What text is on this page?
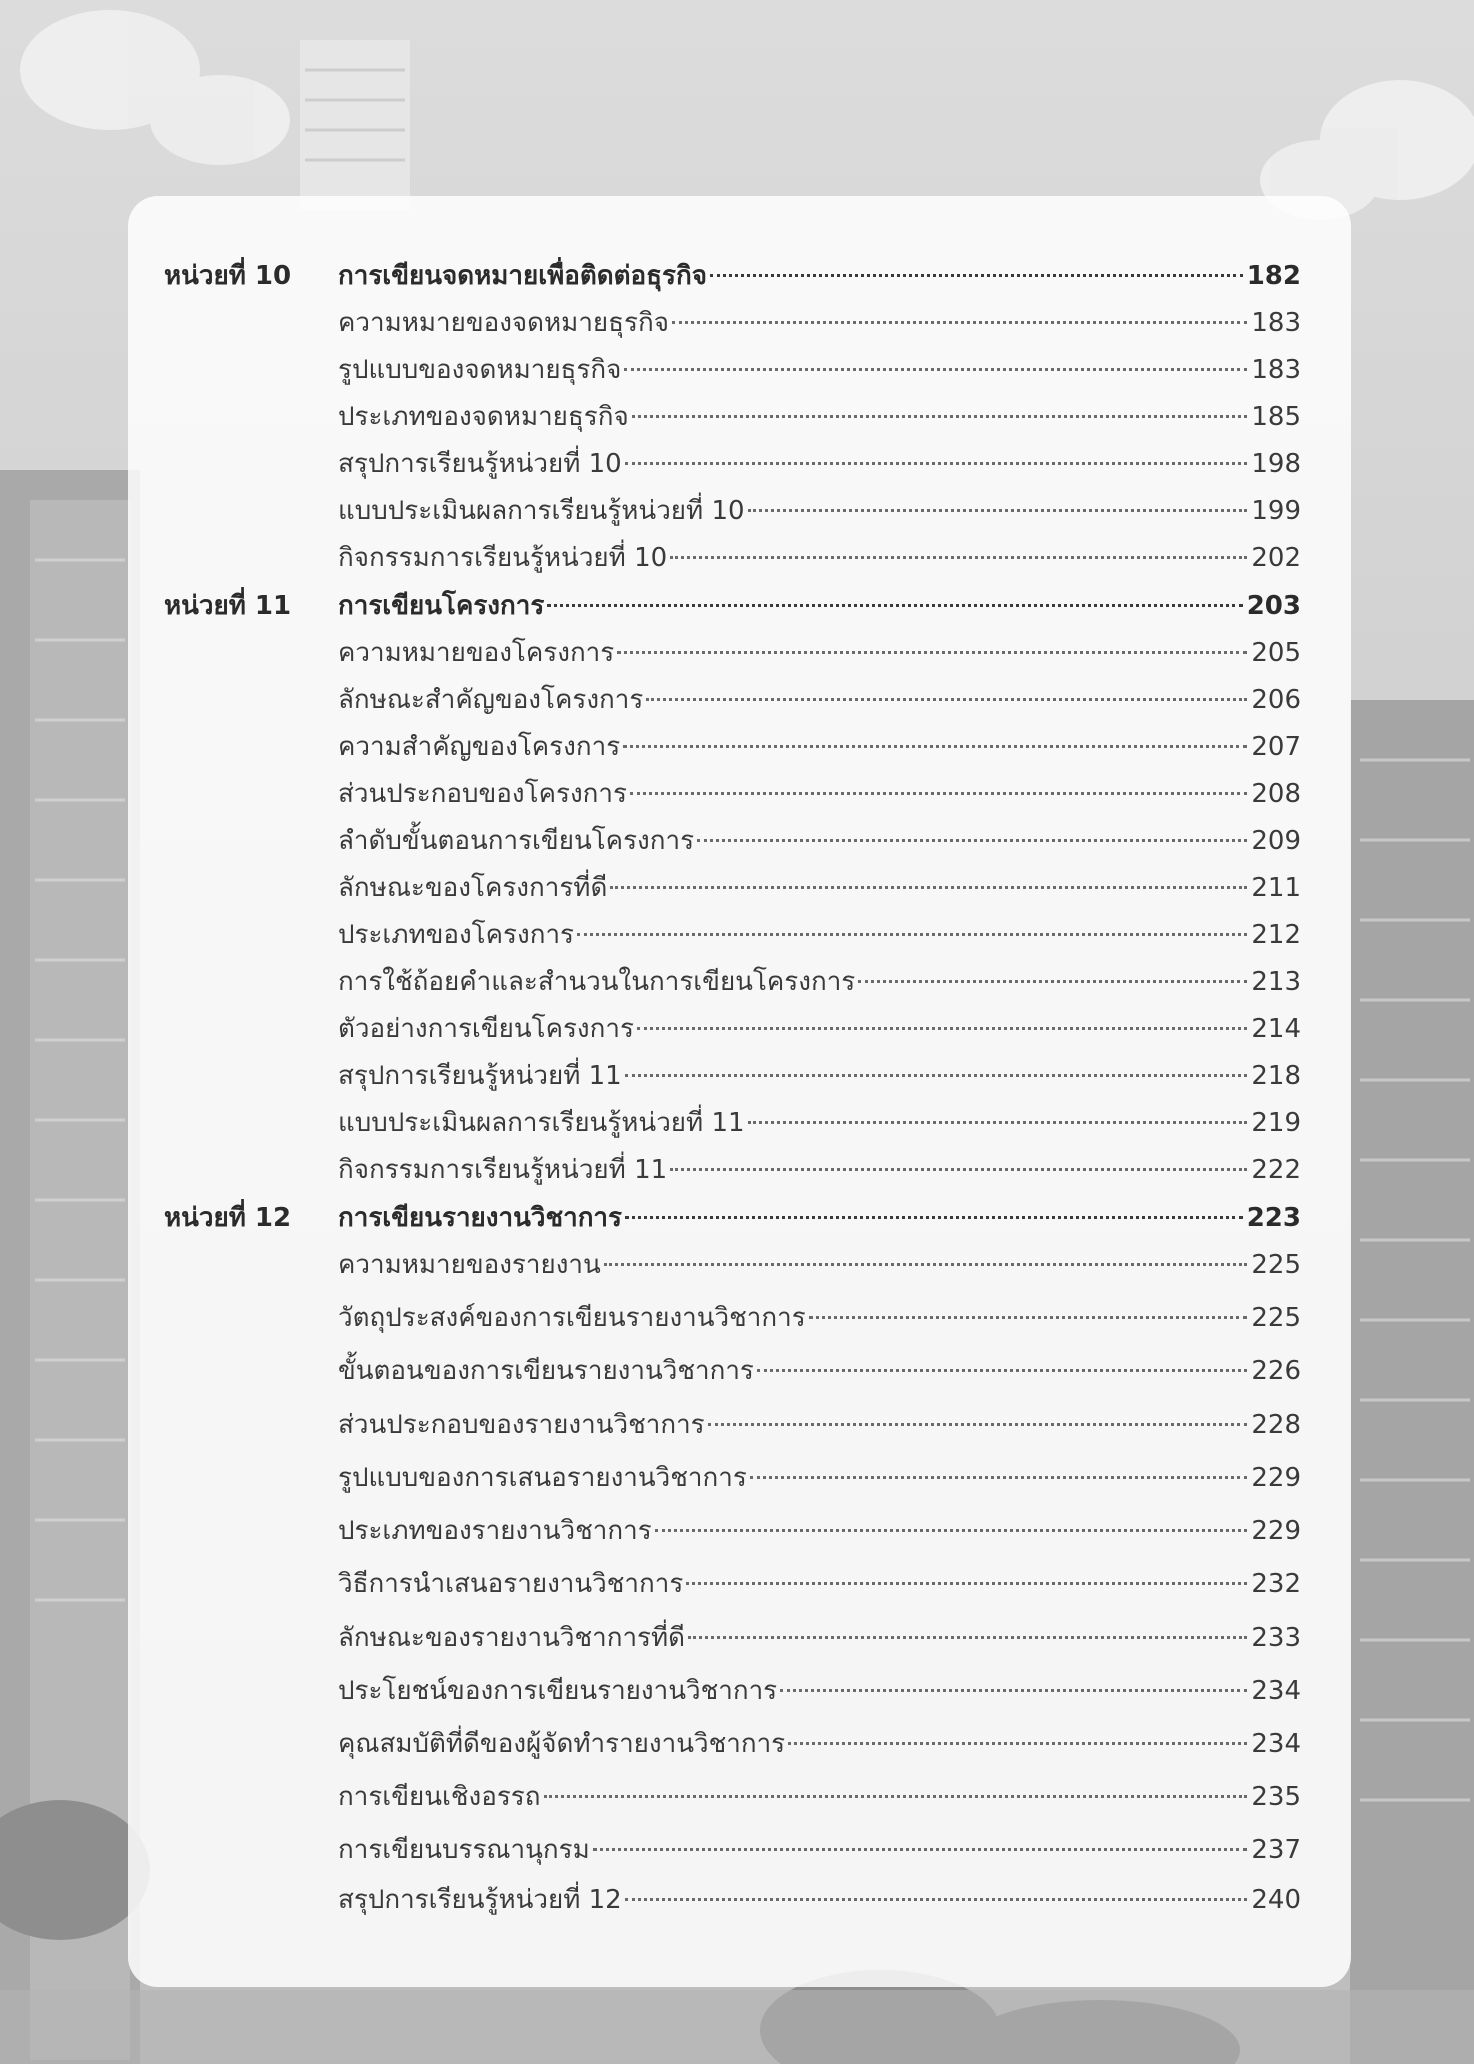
หน่วยที่ 10	การเขียนจดหมายเพื่อติดต่อธุรกิจ	182
ความหมายของจดหมายธุรกิจ	183
รูปแบบของจดหมายธุรกิจ	183
ประเภทของจดหมายธุรกิจ	185
สรุปการเรียนรู้หน่วยที่ 10	198
แบบประเมินผลการเรียนรู้หน่วยที่ 10	199
กิจกรรมการเรียนรู้หน่วยที่ 10	202
หน่วยที่ 11	การเขียนโครงการ	203
ความหมายของโครงการ	205
ลักษณะสำคัญของโครงการ	206
ความสำคัญของโครงการ	207
ส่วนประกอบของโครงการ	208
ลำดับขั้นตอนการเขียนโครงการ	209
ลักษณะของโครงการที่ดี	211
ประเภทของโครงการ	212
การใช้ถ้อยคำและสำนวนในการเขียนโครงการ	213
ตัวอย่างการเขียนโครงการ	214
สรุปการเรียนรู้หน่วยที่ 11	218
แบบประเมินผลการเรียนรู้หน่วยที่ 11	219
กิจกรรมการเรียนรู้หน่วยที่ 11	222
หน่วยที่ 12	การเขียนรายงานวิชาการ	223
ความหมายของรายงาน	225
วัตถุประสงค์ของการเขียนรายงานวิชาการ	225
ขั้นตอนของการเขียนรายงานวิชาการ	226
ส่วนประกอบของรายงานวิชาการ	228
รูปแบบของการเสนอรายงานวิชาการ	229
ประเภทของรายงานวิชาการ	229
วิธีการนำเสนอรายงานวิชาการ	232
ลักษณะของรายงานวิชาการที่ดี	233
ประโยชน์ของการเขียนรายงานวิชาการ	234
คุณสมบัติที่ดีของผู้จัดทำรายงานวิชาการ	234
การเขียนเชิงอรรถ	235
การเขียนบรรณานุกรม	237
สรุปการเรียนรู้หน่วยที่ 12	240
